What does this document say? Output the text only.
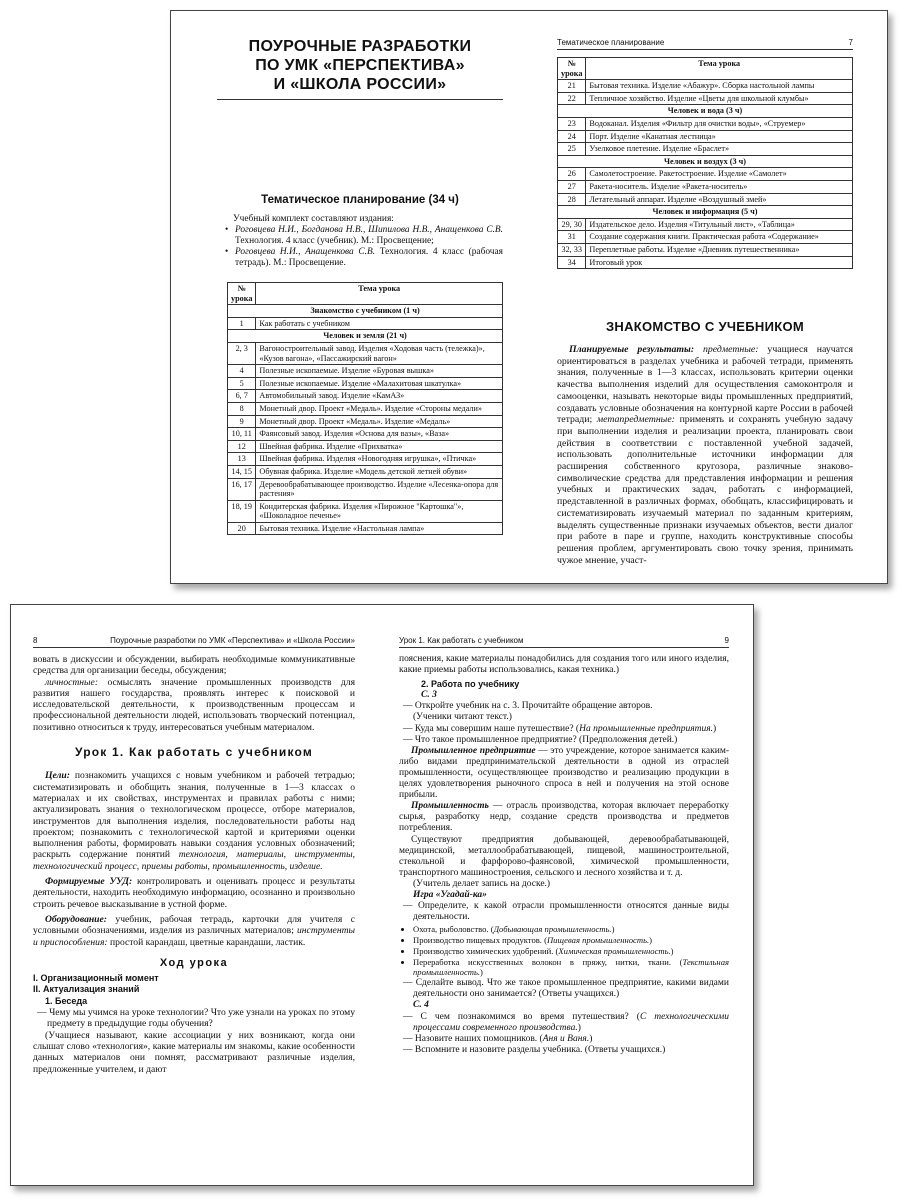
ПОУРОЧНЫЕ РАЗРАБОТКИ
ПО УМК «ПЕРСПЕКТИВА»
И «ШКОЛА РОССИИ»
Тематическое планирование (34 ч)

Учебный комплект составляют издания:

• Роговцева Н.И., Богданова Н.В., Шипилова Н.В., Анащенкова С.В. Технология. 4 класс (учебник). М.: Просвещение;
• Роговцева Н.И., Анащенкова С.В. Технология. 4 класс (рабочая тетрадь). М.: Просвещение.
№ урока	Тема урока
Знакомство с учебником (1 ч)	
1	Как работать с учебником
Человек и земля (21 ч)	
2, 3	Вагоностроительный завод. Изделия «Ходовая часть (тележка)», «Кузов вагона», «Пассажирский вагон»
4	Полезные ископаемые. Изделие «Буровая вышка»
5	Полезные ископаемые. Изделие «Малахитовая шкатулка»
6, 7	Автомобильный завод. Изделие «КамАЗ»
8	Монетный двор. Проект «Медаль». Изделие «Стороны медали»
9	Монетный двор. Проект «Медаль». Изделие «Медаль»
10, 11	Фаянсовый завод. Изделия «Основа для вазы», «Ваза»
12	Швейная фабрика. Изделие «Прихватка»
13	Швейная фабрика. Изделия «Новогодняя игрушка», «Птичка»
14, 15	Обувная фабрика. Изделие «Модель детской летней обуви»
16, 17	Деревообрабатывающее производство. Изделие «Лесенка-опора для растения»
18, 19	Кондитерская фабрика. Изделия «Пирожное "Картошка"», «Шоколадное печенье»
20	Бытовая техника. Изделие «Настольная лампа»
Тематическое планирование	7
№ урока	Тема урока
21	Бытовая техника. Изделие «Абажур». Сборка настольной лампы
22	Тепличное хозяйство. Изделие «Цветы для школьной клумбы»
Человек и вода (3 ч)	
23	Водоканал. Изделия «Фильтр для очистки воды», «Струемер»
24	Порт. Изделие «Канатная лестница»
25	Узелковое плетение. Изделие «Браслет»
Человек и воздух (3 ч)	
26	Самолетостроение. Ракетостроение. Изделие «Самолет»
27	Ракета-носитель. Изделие «Ракета-носитель»
28	Летательный аппарат. Изделие «Воздушный змей»
Человек и информация (5 ч)	
29, 30	Издательское дело. Изделия «Титульный лист», «Таблица»
31	Создание содержания книги. Практическая работа «Содержание»
32, 33	Переплетные работы. Изделие «Дневник путешественника»
34	Итоговый урок
ЗНАКОМСТВО С УЧЕБНИКОМ

Планируемые результаты: предметные: учащиеся научатся ориентироваться в разделах учебника и рабочей тетради, применять знания, полученные в 1—3 классах, использовать критерии оценки качества выполнения изделий для осуществления самоконтроля и самооценки, называть некоторые виды промышленных предприятий, создавать условные обозначения на контурной карте России в рабочей тетради; метапредметные: применять и сохранять учебную задачу при выполнении изделия и реализации проекта, планировать свои действия в соответствии с поставленной учебной задачей, использовать дополнительные источники информации для расширения собственного кругозора, различные знаково-символические средства для представления информации и решения учебных и практических задач, работать с информацией, представленной в различных формах, обобщать, классифицировать и систематизировать изучаемый материал по заданным критериям, выделять существенные признаки изучаемых объектов, вести диалог при работе в паре и группе, находить конструктивные способы решения проблем, аргументировать свою точку зрения, принимать чужое мнение, участ-

8	Поурочные разработки по УМК «Перспектива» и «Школа России»

вовать в дискуссии и обсуждении, выбирать необходимые коммуникативные средства для организации беседы, обсуждения;

личностные: осмыслять значение промышленных производств для развития нашего государства, проявлять интерес к поисковой и исследовательской деятельности, к производственным процессам и профессиональной деятельности людей, использовать творческий потенциал, позитивно относиться к труду, интересоваться учебным материалом.

Урок 1. Как работать с учебником

Цели: познакомить учащихся с новым учебником и рабочей тетрадью; систематизировать и обобщить знания, полученные в 1—3 классах о материалах и их свойствах, инструментах и правилах работы с ними; актуализировать знания о технологическом процессе, отборе материалов, инструментов для выполнения изделия, последовательности работы над проектом; познакомить с технологической картой и критериями оценки выполнения работы, формировать навыки создания условных обозначений; раскрыть содержание понятий технология, материалы, инструменты, технологический процесс, приемы работы, промышленность, изделие.

Формируемые УУД: контролировать и оценивать процесс и результаты деятельности, находить необходимую информацию, осознанно и произвольно строить речевое высказывание в устной форме.

Оборудование: учебник, рабочая тетрадь, карточки для учителя с условными обозначениями, изделия из различных материалов; инструменты и приспособления: простой карандаш, цветные карандаши, ластик.

Ход урока

I. Организационный момент

II. Актуализация знаний

1. Беседа

— Чему мы учимся на уроке технологии? Что уже узнали на уроках по этому предмету в предыдущие годы обучения?

(Учащиеся называют, какие ассоциации у них возникают, когда они слышат слово «технология», какие материалы им знакомы, какие особенности данных материалов они помнят, рассматривают различные изделия, предложенные учителем, и дают

Урок 1. Как работать с учебником	9

пояснения, какие материалы понадобились для создания того или иного изделия, какие приемы работы использовались, какая техника.)

2. Работа по учебнику

С. 3

— Откройте учебник на с. 3. Прочитайте обращение авторов.

(Ученики читают текст.)

— Куда мы совершим наше путешествие? (На промышленные предприятия.)

— Что такое промышленное предприятие? (Предположения детей.)

Промышленное предприятие — это учреждение, которое занимается каким-либо видами предпринимательской деятельности в одной из отраслей промышленности, осуществляющее производство и реализацию продукции в целях удовлетворения рыночного спроса в ней и получения на этой основе прибыли.

Промышленность — отрасль производства, которая включает переработку сырья, разработку недр, создание средств производства и предметов потребления.

Существуют предприятия добывающей, деревообрабатывающей, медицинской, металлообрабатывающей, пищевой, машиностроительной, стекольной и фарфорово-фаянсовой, химической промышленности, транспортного машиностроения, сельского и лесного хозяйства и т. д.

(Учитель делает запись на доске.)

Игра «Угадай-ка»

— Определите, к какой отрасли промышленности относятся данные виды деятельности.

• Охота, рыболовство. (Добывающая промышленность.)
• Производство пищевых продуктов. (Пищевая промышленность.)
• Производство химических удобрений. (Химическая промышленность.)
• Переработка искусственных волокон в пряжу, нитки, ткани. (Текстильная промышленность.)

— Сделайте вывод. Что же такое промышленное предприятие, какими видами деятельности оно занимается? (Ответы учащихся.)

С. 4

— С чем познакомимся во время путешествия? (С технологическими процессами современного производства.)

— Назовите наших помощников. (Аня и Ваня.)

— Вспомните и назовите разделы учебника. (Ответы учащихся.)
